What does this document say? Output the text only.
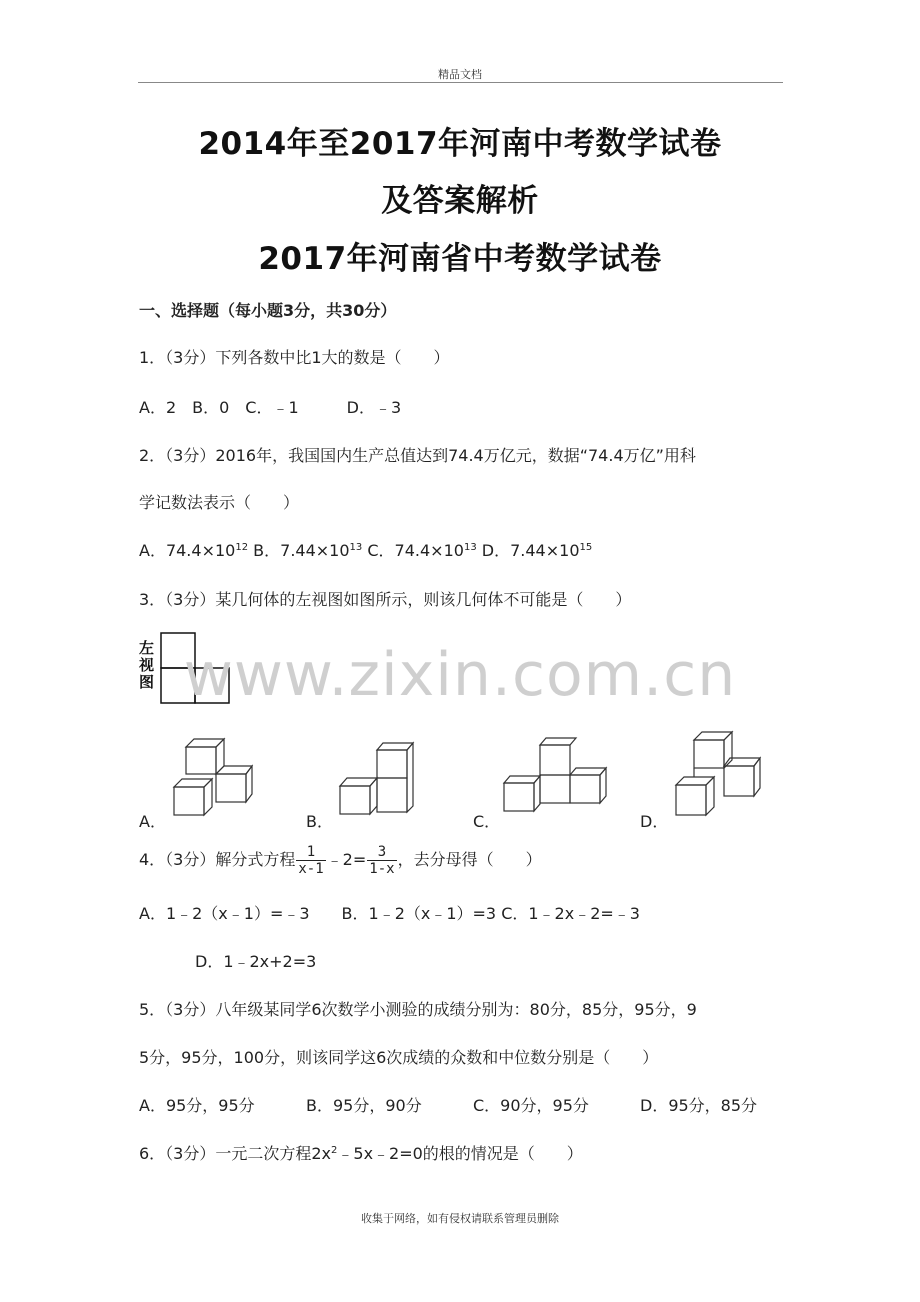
精品文档
2014年至2017年河南中考数学试卷
及答案解析
2017年河南省中考数学试卷
一、选择题（每小题3分，共30分）
1．（3分）下列各数中比1大的数是（　　）
A．2　B．0　C．﹣1　　　D．﹣3
2．（3分）2016年，我国国内生产总值达到74.4万亿元，数据“74.4万亿”用科
学记数法表示（　　）
A．$74.4\times 10^{12}$ B．$7.44\times 10^{13}$ C．$74.4\times 10^{13}$ D．$7.44\times 10^{15}$
3．（3分）某几何体的左视图如图所示，则该几何体不可能是（　　）
左
视
图 www.zixin.com.cn
A．	B．	C．	D．
4．（3分）解分式方程 $\frac{1}{x-1}$ ﹣2= $\frac{3}{1-x}$ ，去分母得（　　）
A．1﹣2（x﹣1）=﹣3　　B．1﹣2（x﹣1）=3 C．1﹣2x﹣2=﹣3
D．1﹣2x+2=3
5．（3分）八年级某同学6次数学小测验的成绩分别为：80分，85分，95分，9
5分，95分，100分，则该同学这6次成绩的众数和中位数分别是（　　）
A．95分，95分	B．95分，90分	C．90分，95分	D．95分，85分
6．（3分）一元二次方程$2x^2﹣5x﹣2=0$的根的情况是（　　）
收集于网络，如有侵权请联系管理员删除
